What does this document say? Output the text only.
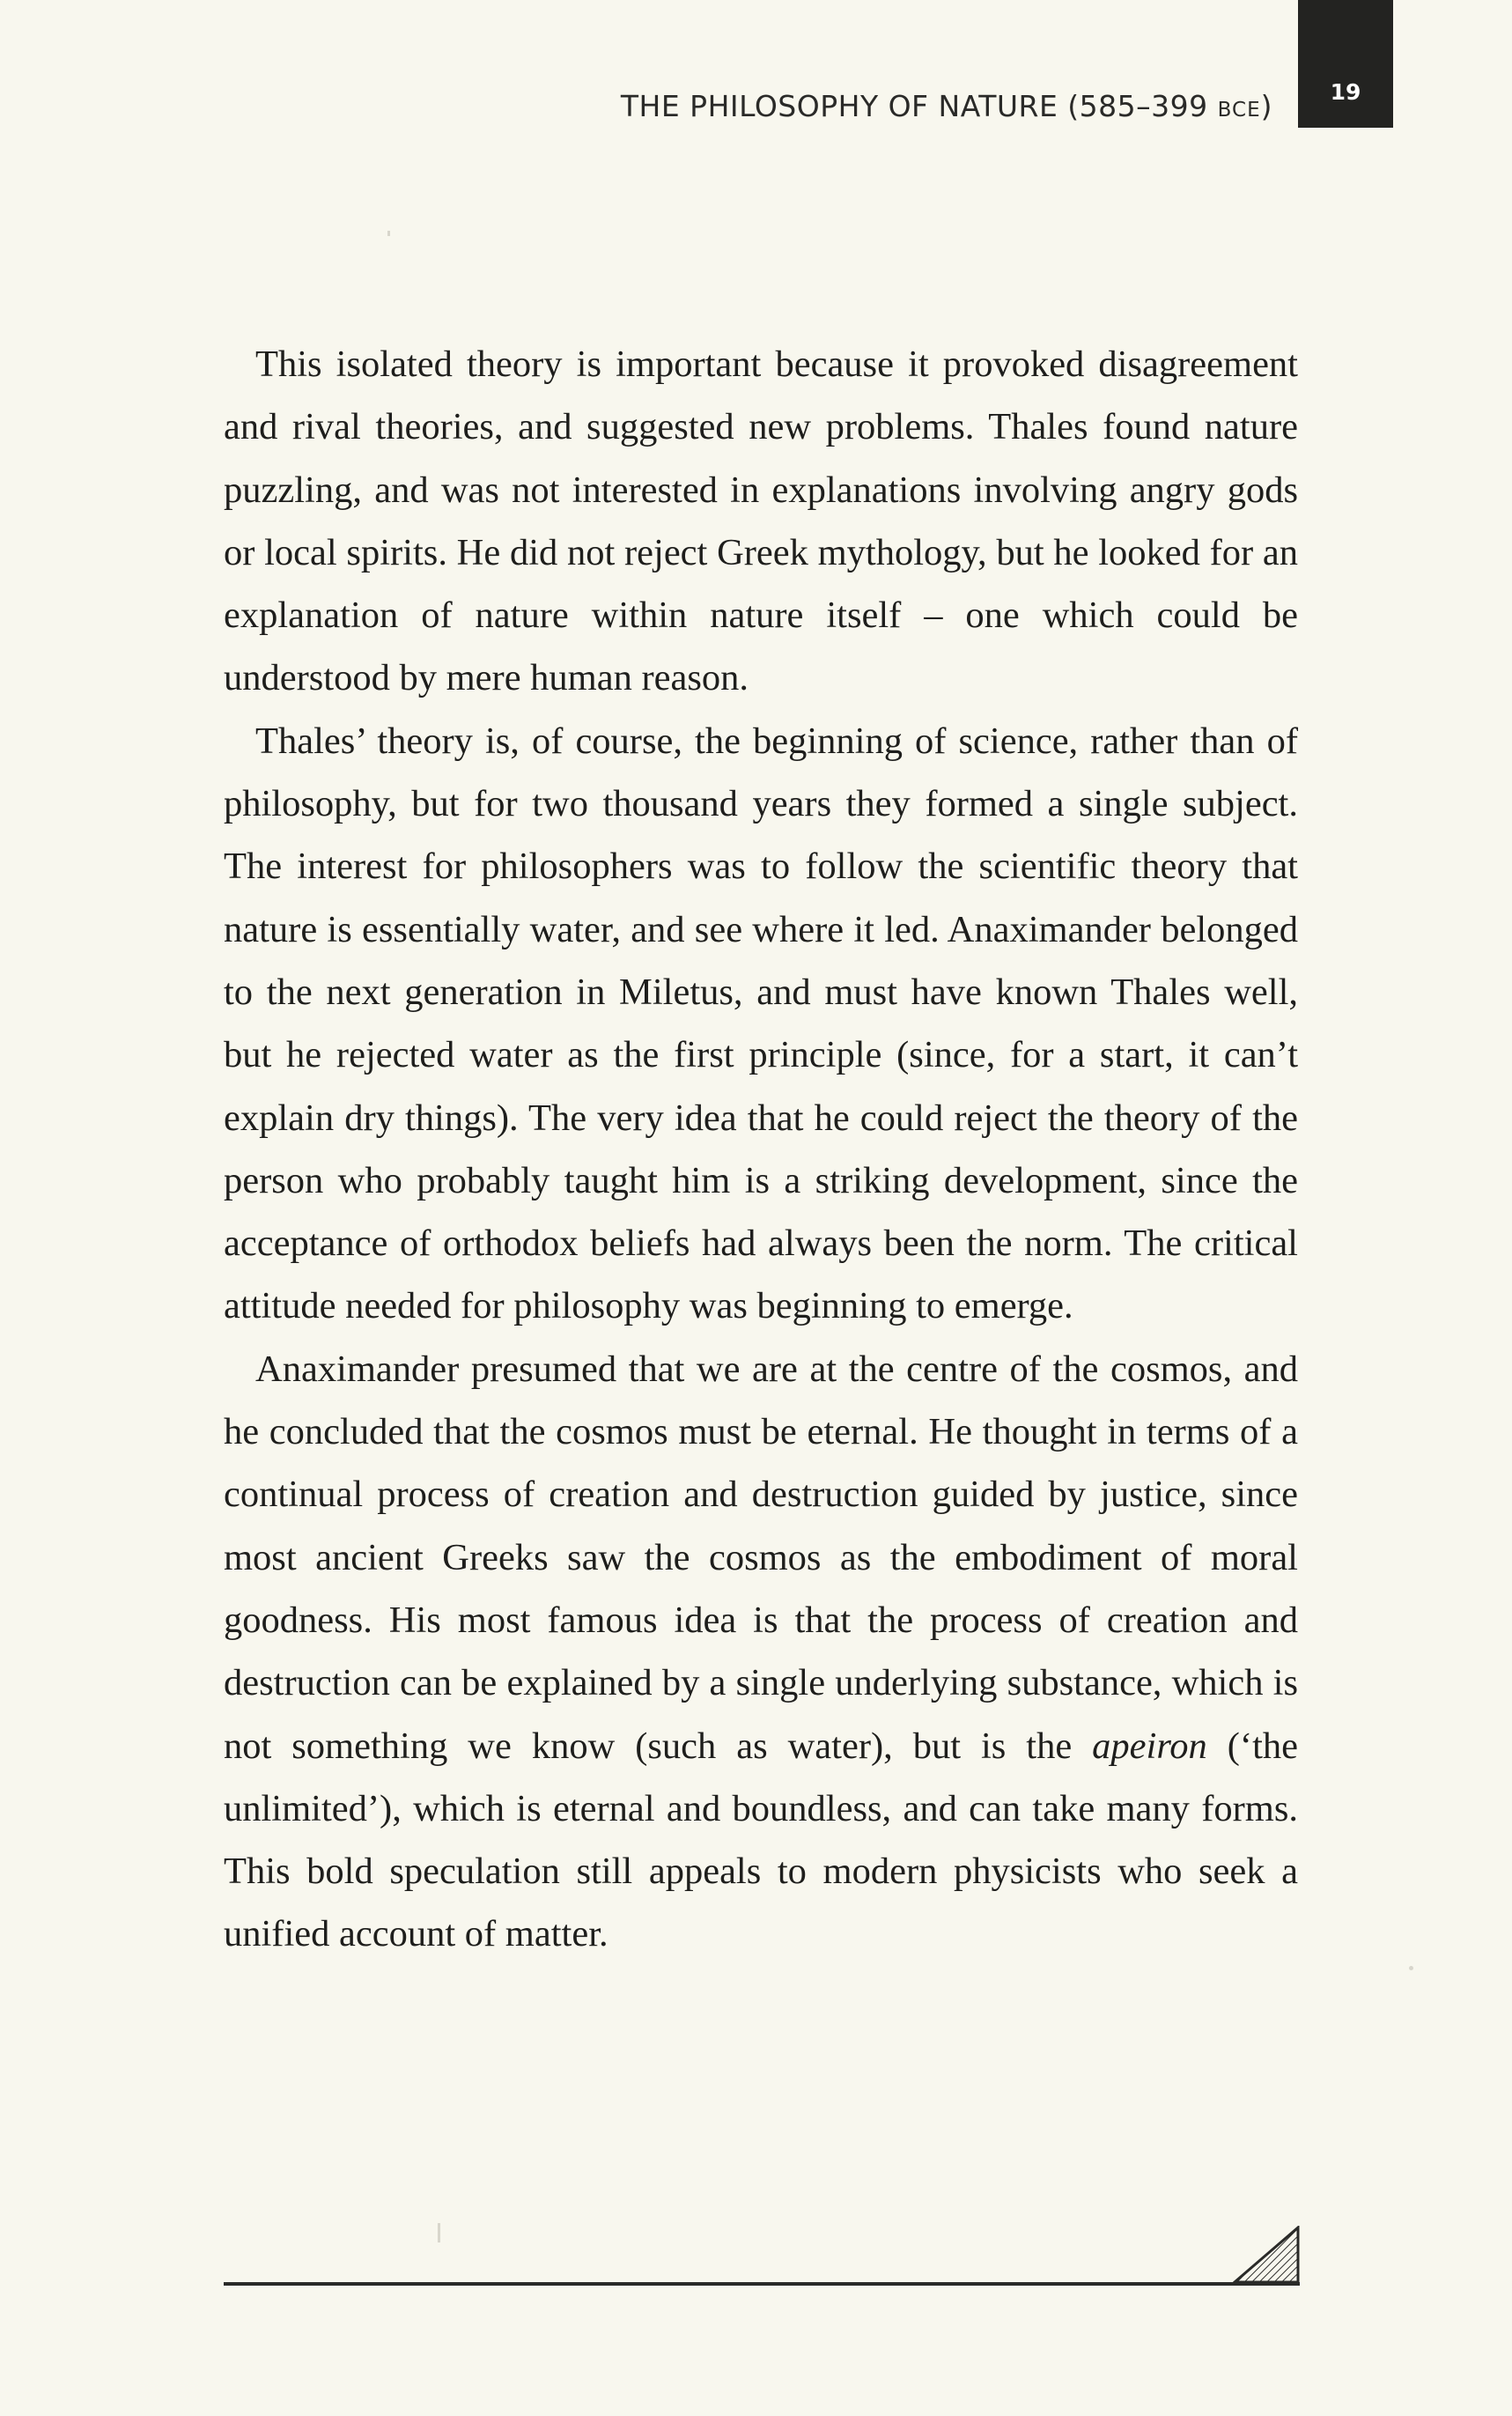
THE PHILOSOPHY OF NATURE (585–399 BCE)	19

This isolated theory is important because it provoked disagreement and rival theories, and suggested new problems. Thales found nature puzzling, and was not interested in explanations involving angry gods or local spirits. He did not reject Greek mythology, but he looked for an explanation of nature within nature itself – one which could be understood by mere human reason.

Thales’ theory is, of course, the beginning of science, rather than of philosophy, but for two thousand years they formed a single subject. The interest for philosophers was to follow the scientific theory that nature is essentially water, and see where it led. Anaximander belonged to the next generation in Miletus, and must have known Thales well, but he rejected water as the first principle (since, for a start, it can’t explain dry things). The very idea that he could reject the theory of the person who probably taught him is a striking development, since the acceptance of orthodox beliefs had always been the norm. The critical attitude needed for philosophy was beginning to emerge.

Anaximander presumed that we are at the centre of the cosmos, and he concluded that the cosmos must be eternal. He thought in terms of a continual process of creation and destruction guided by justice, since most ancient Greeks saw the cosmos as the embodiment of moral goodness. His most famous idea is that the process of creation and destruction can be explained by a single underlying substance, which is not something we know (such as water), but is the apeiron (‘the unlimited’), which is eternal and boundless, and can take many forms. This bold speculation still appeals to modern physicists who seek a unified account of matter.
